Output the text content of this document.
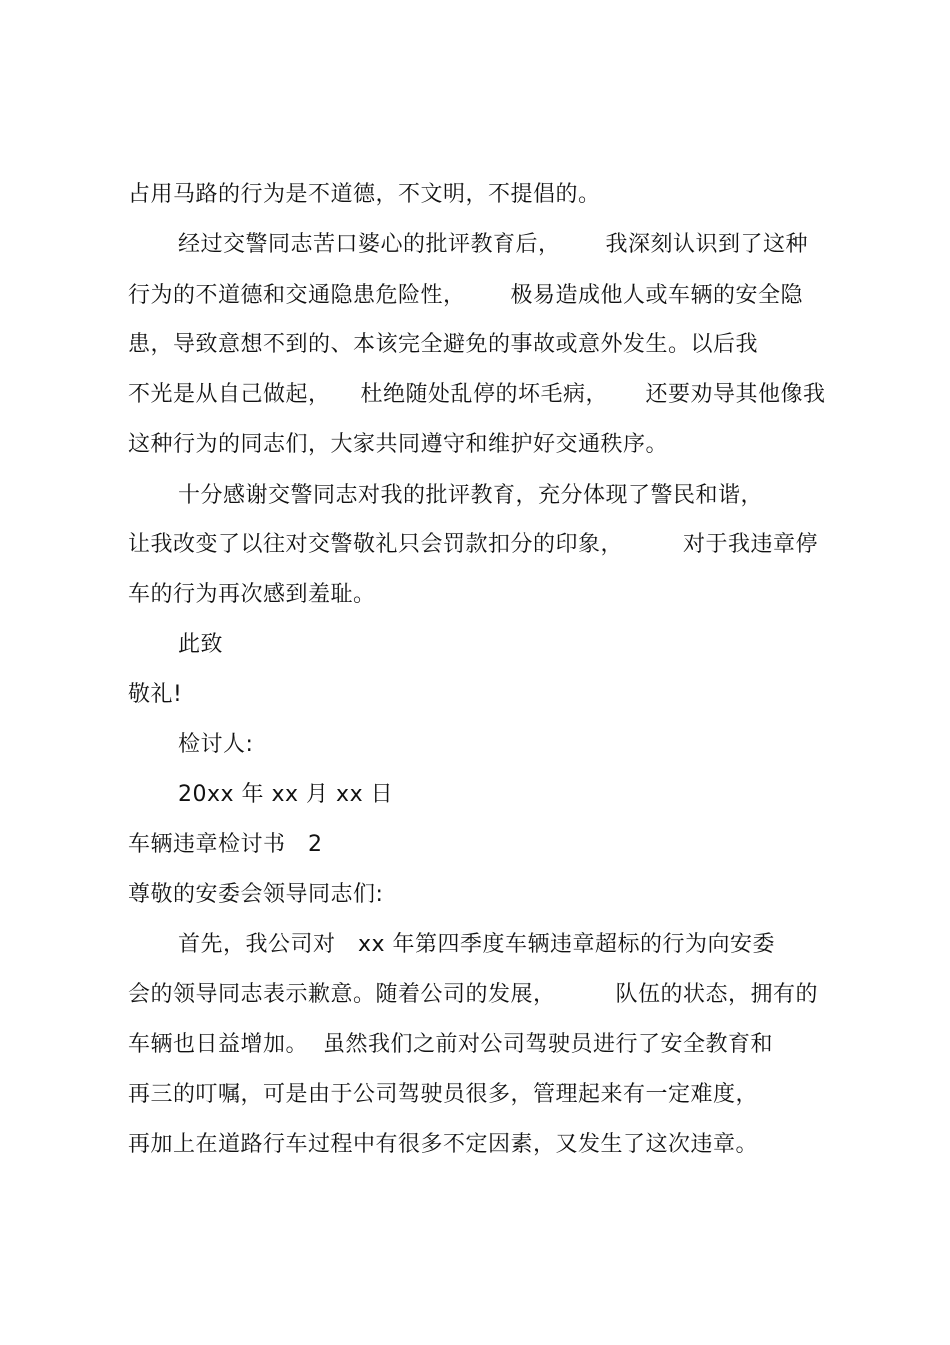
占用马路的行为是不道德，不文明，不提倡的。
经过交警同志苦口婆心的批评教育后，      我深刻认识到了这种
行为的不道德和交通隐患危险性，      极易造成他人或车辆的安全隐
患，导致意想不到的、本该完全避免的事故或意外发生。以后我
不光是从自己做起，    杜绝随处乱停的坏毛病，     还要劝导其他像我
这种行为的同志们，大家共同遵守和维护好交通秩序。
十分感谢交警同志对我的批评教育，充分体现了警民和谐，
让我改变了以往对交警敬礼只会罚款扣分的印象，        对于我违章停
车的行为再次感到羞耻。
此致
敬礼!
检讨人:
20xx 年 xx 月 xx 日
车辆违章检讨书   2
尊敬的安委会领导同志们:
首先，我公司对   xx 年第四季度车辆违章超标的行为向安委
会的领导同志表示歉意。随着公司的发展，        队伍的状态，拥有的
车辆也日益增加。  虽然我们之前对公司驾驶员进行了安全教育和
再三的叮嘱，可是由于公司驾驶员很多，管理起来有一定难度，
再加上在道路行车过程中有很多不定因素，又发生了这次违章。
